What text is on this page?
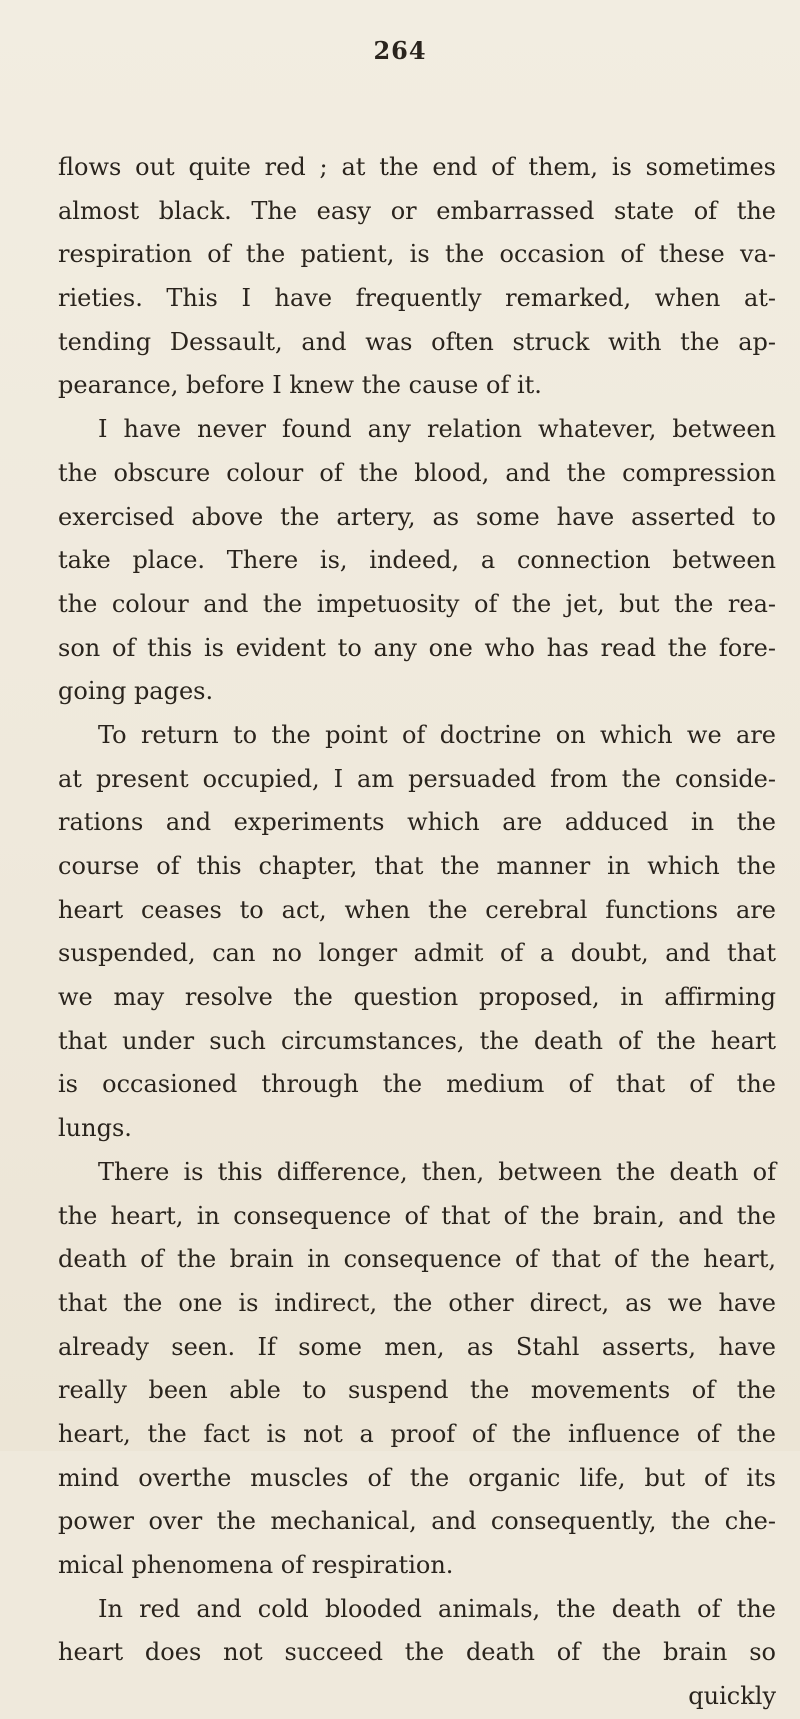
264
flows out quite red ; at the end of them, is sometimes
almost black. The easy or embarrassed state of the
respiration of the patient, is the occasion of these va-
rieties. This I have frequently remarked, when at-
tending Dessault, and was often struck with the ap-
pearance, before I knew the cause of it.
I have never found any relation whatever, between
the obscure colour of the blood, and the compression
exercised above the artery, as some have asserted to
take place. There is, indeed, a connection between
the colour and the impetuosity of the jet, but the rea-
son of this is evident to any one who has read the fore-
going pages.
To return to the point of doctrine on which we are
at present occupied, I am persuaded from the conside-
rations and experiments which are adduced in the
course of this chapter, that the manner in which the
heart ceases to act, when the cerebral functions are
suspended, can no longer admit of a doubt, and that
we may resolve the question proposed, in affirming
that under such circumstances, the death of the heart
is occasioned through the medium of that of the
lungs.
There is this difference, then, between the death of
the heart, in consequence of that of the brain, and the
death of the brain in consequence of that of the heart,
that the one is indirect, the other direct, as we have
already seen. If some men, as Stahl asserts, have
really been able to suspend the movements of the
heart, the fact is not a proof of the influence of the
mind overthe muscles of the organic life, but of its
power over the mechanical, and consequently, the che-
mical phenomena of respiration.
In red and cold blooded animals, the death of the
heart does not succeed the death of the brain so
quickly
